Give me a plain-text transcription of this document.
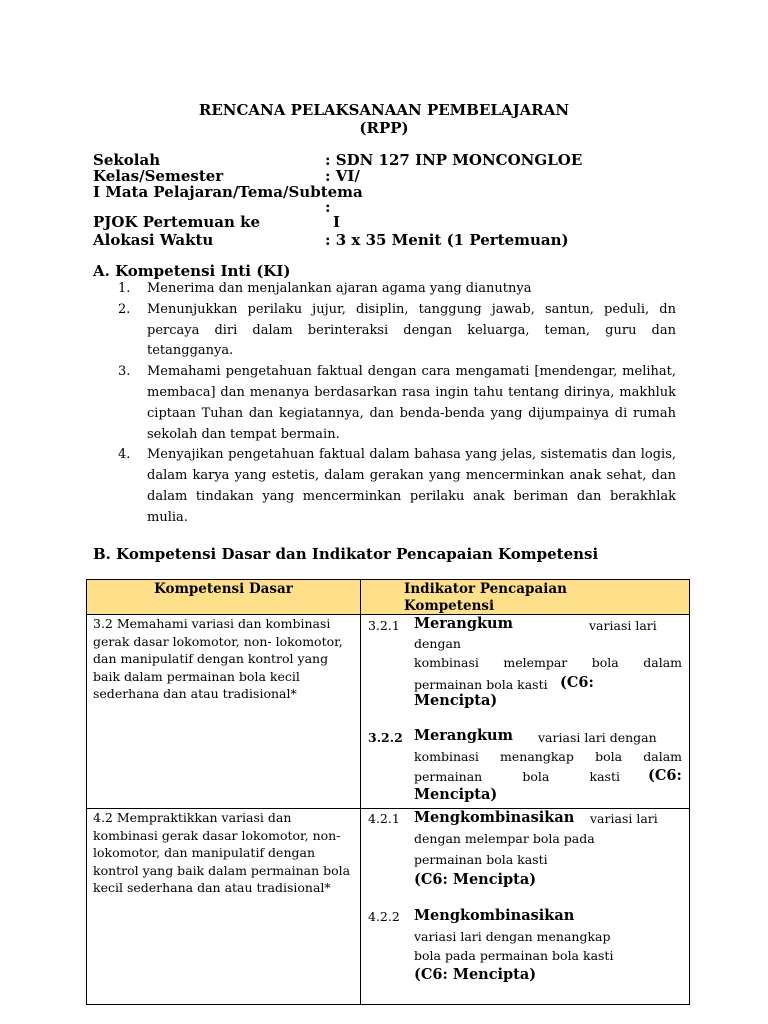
RENCANA PELAKSANAAN PEMBELAJARAN
(RPP)
Sekolah	: SDN 127 INP MONCONGLOE
Kelas/Semester	: VI/
I Mata Pelajaran/Tema/Subtema
:
PJOK Pertemuan ke	I
Alokasi Waktu	: 3 x 35 Menit (1 Pertemuan)
A. Kompetensi Inti (KI)
1.	Menerima dan menjalankan ajaran agama yang dianutnya
2.	Menunjukkan perilaku jujur, disiplin, tanggung jawab, santun, peduli, dn percaya diri dalam berinteraksi dengan keluarga, teman, guru dan tetangganya.
3.	Memahami pengetahuan faktual dengan cara mengamati [mendengar, melihat, membaca] dan menanya berdasarkan rasa ingin tahu tentang dirinya, makhluk ciptaan Tuhan dan kegiatannya, dan benda-benda yang dijumpainya di rumah sekolah dan tempat bermain.
4.	Menyajikan pengetahuan faktual dalam bahasa yang jelas, sistematis dan logis, dalam karya yang estetis, dalam gerakan yang mencerminkan anak sehat, dan dalam tindakan yang mencerminkan perilaku anak beriman dan berakhlak mulia.
B. Kompetensi Dasar dan Indikator Pencapaian Kompetensi
Kompetensi Dasar	Indikator Pencapaian Kompetensi
3.2 Memahami variasi dan kombinasi gerak dasar lokomotor, non- lokomotor, dan manipulatif dengan kontrol yang baik dalam permainan bola kecil sederhana dan atau tradisional*
3.2.1 Merangkum	variasi lari
dengan
kombinasi melempar bola dalam
permainan bola kasti (C6:
Mencipta)
3.2.2 Merangkum variasi lari dengan
kombinasi menangkap bola dalam
permainan bola kasti (C6:
Mencipta)
4.2 Mempraktikkan variasi dan kombinasi gerak dasar lokomotor, non-lokomotor, dan manipulatif dengan kontrol yang baik dalam permainan bola kecil sederhana dan atau tradisional*
4.2.1 Mengkombinasikan variasi lari
dengan melempar bola pada
permainan bola kasti
(C6: Mencipta)
4.2.2 Mengkombinasikan
variasi lari dengan menangkap
bola pada permainan bola kasti
(C6: Mencipta)
